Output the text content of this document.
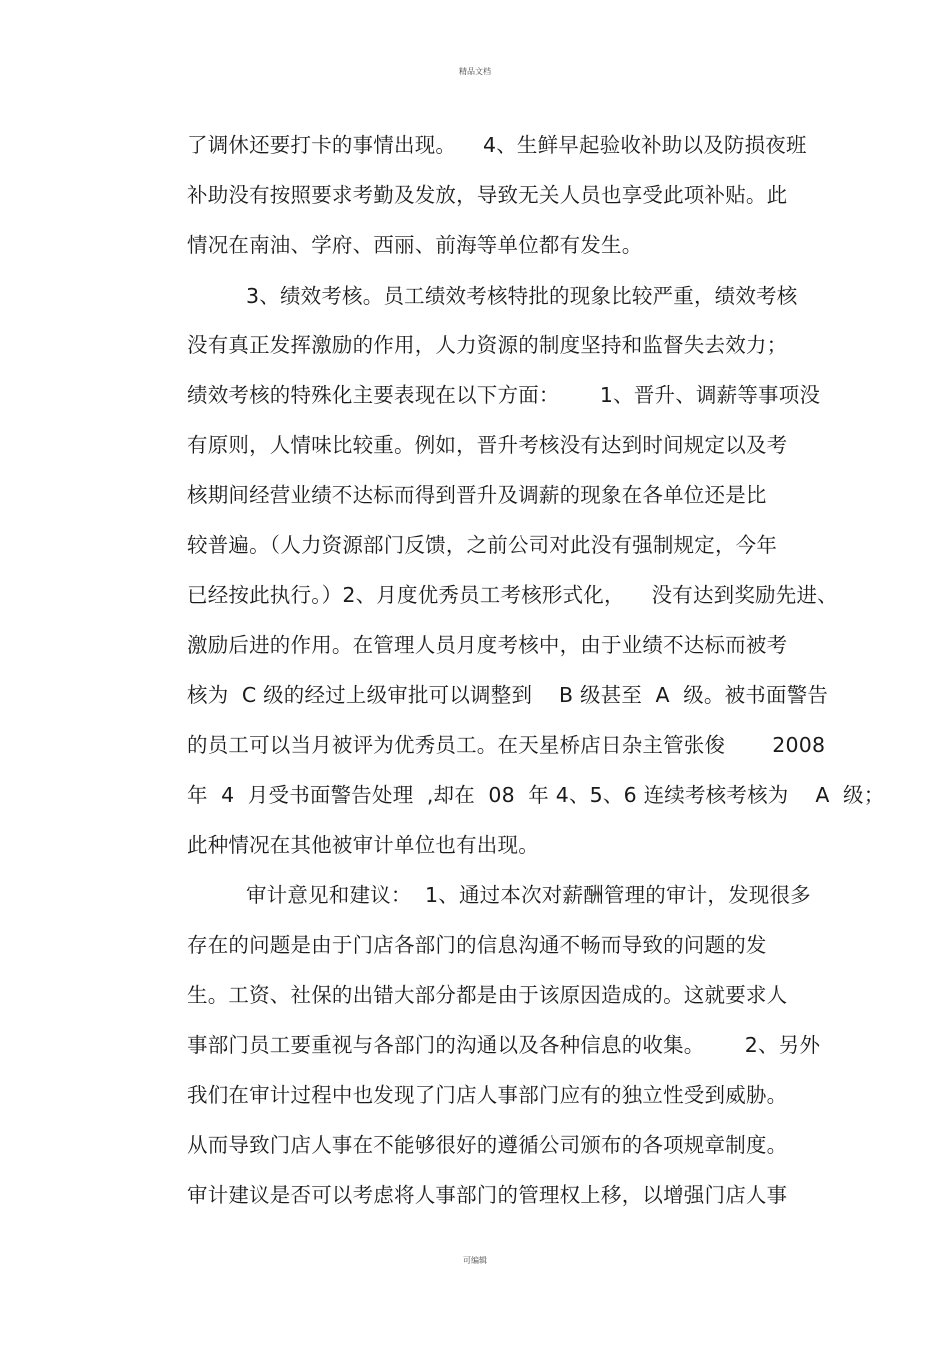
精品文档
了调休还要打卡的事情出现。    4、生鲜早起验收补助以及防损夜班
补助没有按照要求考勤及发放，导致无关人员也享受此项补贴。此
情况在南油、学府、西丽、前海等单位都有发生。
3、绩效考核。员工绩效考核特批的现象比较严重，绩效考核
没有真正发挥激励的作用，人力资源的制度坚持和监督失去效力；
绩效考核的特殊化主要表现在以下方面：      1、晋升、调薪等事项没
有原则，人情味比较重。例如，晋升考核没有达到时间规定以及考
核期间经营业绩不达标而得到晋升及调薪的现象在各单位还是比
较普遍。（人力资源部门反馈，之前公司对此没有强制规定，今年
已经按此执行。）2、月度优秀员工考核形式化，    没有达到奖励先进、
激励后进的作用。在管理人员月度考核中，由于业绩不达标而被考
核为  C 级的经过上级审批可以调整到    B 级甚至  A  级。被书面警告
的员工可以当月被评为优秀员工。在天星桥店日杂主管张俊       2008
年  4  月受书面警告处理  ,却在  08  年 4、5、6 连续考核考核为    A  级；
此种情况在其他被审计单位也有出现。
审计意见和建议：  1、通过本次对薪酬管理的审计，发现很多
存在的问题是由于门店各部门的信息沟通不畅而导致的问题的发
生。工资、社保的出错大部分都是由于该原因造成的。这就要求人
事部门员工要重视与各部门的沟通以及各种信息的收集。      2、另外
我们在审计过程中也发现了门店人事部门应有的独立性受到威胁。
从而导致门店人事在不能够很好的遵循公司颁布的各项规章制度。
审计建议是否可以考虑将人事部门的管理权上移，以增强门店人事
可编辑
